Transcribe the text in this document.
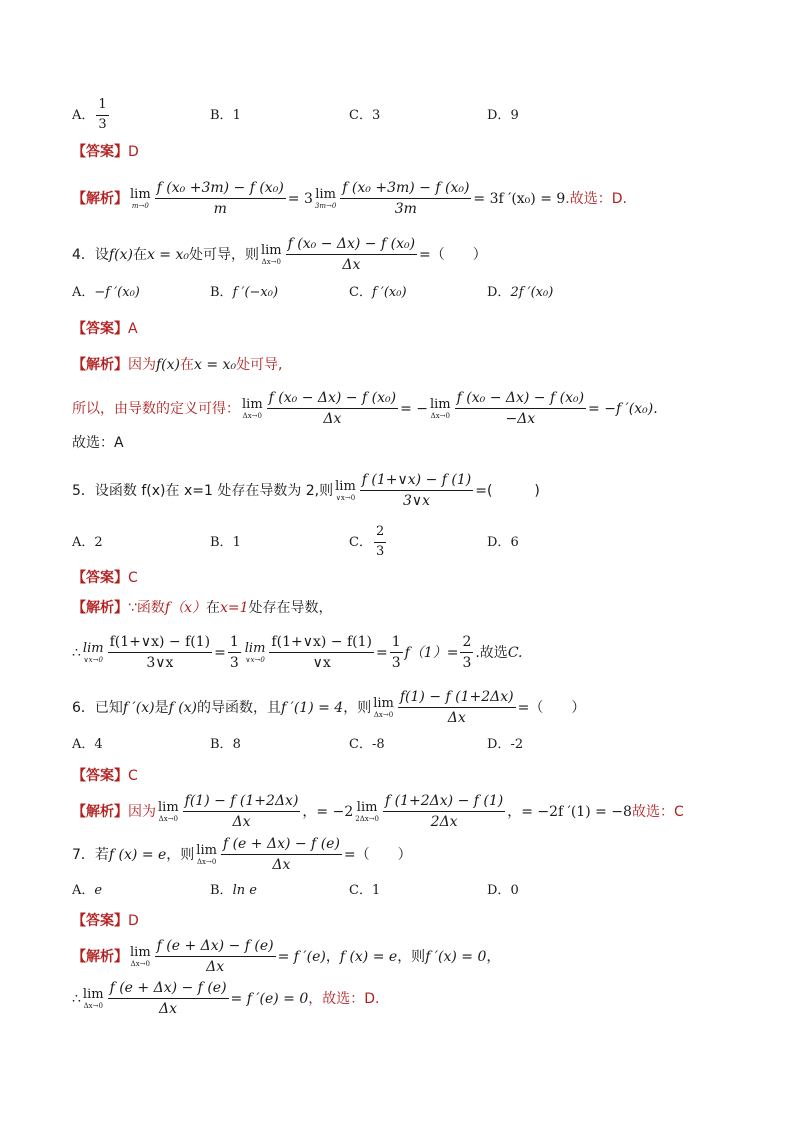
A． $\frac{1}{3}$	B． 1	C． 3	D． 9
【答案】D
【解析】 lim
$m\to 0 \frac{\text{f (x₀ +3m) − f (x₀)}}{m} = 3$ lim
$3m\to 0 \frac{\text{f (x₀ +3m) − f (x₀)}}{3m} = 3f$ ′(x₀) = 9 .故选：D.
4．设 f(x) 在 x = x₀ 处可导，则 lim
$\Delta x\to 0 \frac{\text{f (x₀ − Δx) − f (x₀)}}{\Delta x}$ =（　　）
A． −f ′(x₀)	B． f ′(−x₀)	C． f ′(x₀)	D． 2f ′(x₀)
【答案】A
【解析】 因为 f(x) 在 x = x₀ 处可导,
所以，由导数的定义可得： lim
$\Delta x\to 0 \frac{\text{f (x₀ − Δx) − f (x₀)}}{\Delta x}$ = − lim
$\Delta x\to 0 \frac{\text{f (x₀ − Δx) − f (x₀)}}{-\Delta x} = -f$ ′(x₀).
故选：A
5．设函数 f(x)在 x=1 处存在导数为 2,则 lim
∨x→0 $\frac{f (1+\vee x) - f (1)}{3\vee x}$ =(　　　)
A． 2	B． 1	C． $\frac{2}{3}$	D． 6
【答案】C
【解析】 ∵函数 f（x） 在 x=1 处存在导数，
∴ lim
∨x→0 $\frac{f(1+\vee x) - f(1)}{3\vee x} = \frac{1}{3}$ lim
∨x→0 $\frac{f(1+\vee x) - f(1)}{\vee x} = \frac{1}{3} f(1) = \frac{2}{3}$ .故选 C.
6．已知 f ′(x) 是 f (x) 的导函数，且 f ′(1) = 4 ，则 lim
$\Delta x\to 0 \frac{f(1) - f (1+2\Delta x)}{\Delta x}$ =（　　）
A． 4	B． 8	C． -8	D． -2
【答案】C
【解析】 因为 lim
$\Delta x\to 0 \frac{f(1) - f (1+2\Delta x)}{\Delta x}$ ，= −2 lim
$2\Delta x\to 0 \frac{f (1+2\Delta x) - f (1)}{2\Delta x}$ ，= −2f ′(1) = −8 故选：C
7．若 f (x) = e ，则 lim
$\Delta x\to 0 \frac{f (e + \Delta x) - f (e)}{\Delta x}$ =（　　）
A． e	B． ln e	C． 1	D． 0
【答案】D
【解析】 lim
$\Delta x\to 0 \frac{f (e + \Delta x) - f (e)}{\Delta x} = f$ ′(e) ， f (x) = e ，则 f ′(x) = 0 ，
∴ lim
$\Delta x\to 0 \frac{f (e + \Delta x) - f (e)}{\Delta x} = f$ ′(e) = 0 ，故选：D.
